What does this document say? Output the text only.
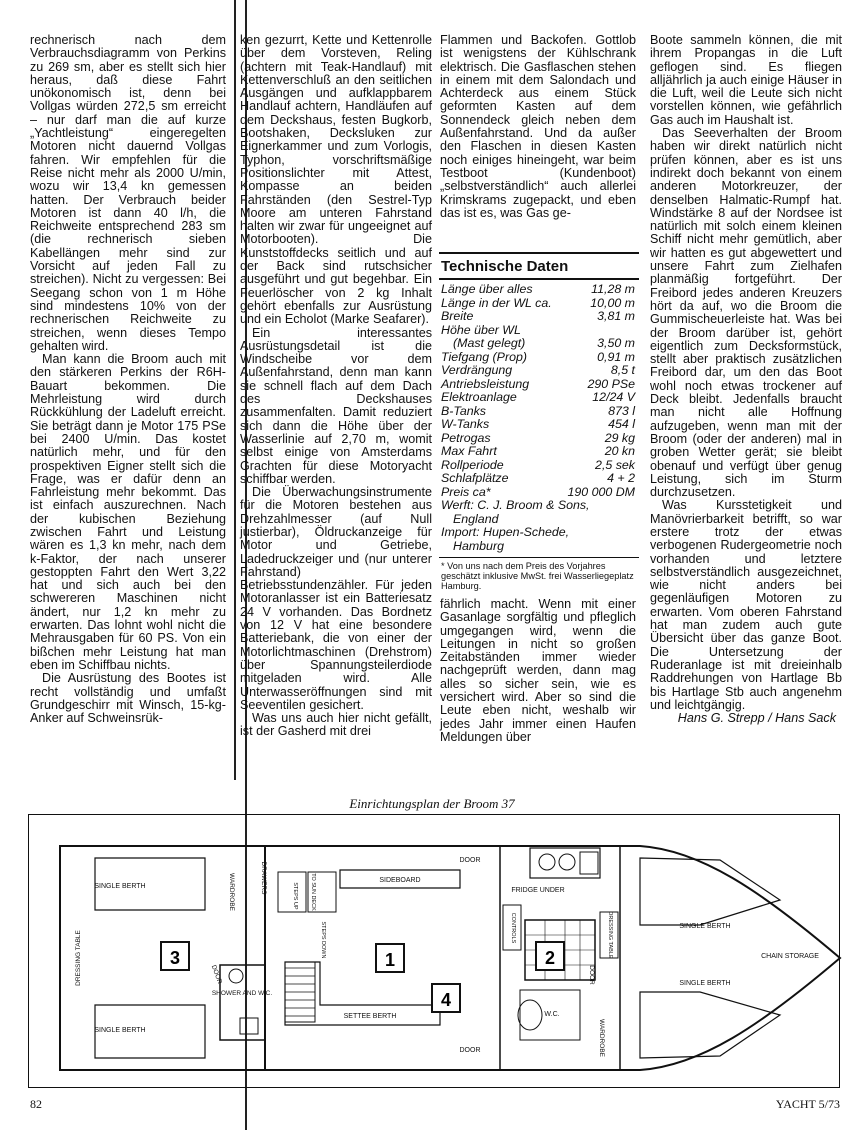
rechnerisch nach dem Verbrauchsdiagramm von Perkins zu 269 sm, aber es stellt sich hier heraus, daß diese Fahrt unökonomisch ist, denn bei Vollgas würden 272,5 sm erreicht – nur darf man die auf kurze „Yachtleistung“ eingeregelten Motoren nicht dauernd Vollgas fahren. Wir empfehlen für die Reise nicht mehr als 2000 U/min, wozu wir 13,4 kn gemessen hatten. Der Verbrauch beider Motoren ist dann 40 l/h, die Reichweite entsprechend 283 sm (die rechnerisch sieben Kabellängen mehr sind zur Vorsicht auf jeden Fall zu streichen). Nicht zu vergessen: Bei Seegang schon von 1 m Höhe sind mindestens 10% von der rechnerischen Reichweite zu streichen, wenn dieses Tempo gehalten wird.

Man kann die Broom auch mit den stärkeren Perkins der R6H-Bauart bekommen. Die Mehrleistung wird durch Rückkühlung der Ladeluft erreicht. Sie beträgt dann je Motor 175 PSe bei 2400 U/min. Das kostet natürlich mehr, und für den prospektiven Eigner stellt sich die Frage, was er dafür denn an Fahrleistung mehr bekommt. Das ist einfach auszurechnen. Nach der kubischen Beziehung zwischen Fahrt und Leistung wären es 1,3 kn mehr, nach dem k-Faktor, der nach unserer gestoppten Fahrt den Wert 3,22 hat und sich auch bei den schwereren Maschinen nicht ändert, nur 1,2 kn mehr zu erwarten. Das lohnt wohl nicht die Mehrausgaben für 60 PS. Von ein bißchen mehr Leistung hat man eben im Schiffbau nichts.

Die Ausrüstung des Bootes ist recht vollständig und umfaßt Grundgeschirr mit Winsch, 15-kg-Anker auf Schweinsrük-

ken gezurrt, Kette und Kettenrolle über dem Vorsteven, Reling (achtern mit Teak-Handlauf) mit Kettenverschluß an den seitlichen Ausgängen und aufklappbarem Handlauf achtern, Handläufen auf dem Deckshaus, festen Bugkorb, Bootshaken, Decksluken zur Eignerkammer und zum Vorlogis, Typhon, vorschriftsmäßige Positionslichter mit Attest, Kompasse an beiden Fahrständen (den Sestrel-Typ Moore am unteren Fahrstand halten wir zwar für ungeeignet auf Motorbooten). Die Kunststoffdecks seitlich und auf der Back sind rutschsicher ausgeführt und gut begehbar. Ein Feuerlöscher von 2 kg Inhalt gehört ebenfalls zur Ausrüstung und ein Echolot (Marke Seafarer).

Ein interessantes Ausrüstungsdetail ist die Windscheibe vor dem Außenfahrstand, denn man kann sie schnell flach auf dem Dach des Deckshauses zusammenfalten. Damit reduziert sich dann die Höhe über der Wasserlinie auf 2,70 m, womit selbst einige von Amsterdams Grachten für diese Motoryacht schiffbar werden.

Die Überwachungsinstrumente für die Motoren bestehen aus Drehzahlmesser (auf Null justierbar), Öldruckanzeige für Motor und Getriebe, Ladedruckzeiger und (nur unterer Fahrstand) Betriebsstundenzähler. Für jeden Motoranlasser ist ein Batteriesatz 24 V vorhanden. Das Bordnetz von 12 V hat eine besondere Batteriebank, die von einer der Motorlichtmaschinen (Drehstrom) über Spannungsteilerdiode mitgeladen wird. Alle Unterwasseröffnungen sind mit Seeventilen gesichert.

Was uns auch hier nicht gefällt, ist der Gasherd mit drei

Flammen und Backofen. Gottlob ist wenigstens der Kühlschrank elektrisch. Die Gasflaschen stehen in einem mit dem Salondach und Achterdeck aus einem Stück geformten Kasten auf dem Sonnendeck gleich neben dem Außenfahrstand. Und da außer den Flaschen in diesen Kasten noch einiges hineingeht, war beim Testboot (Kundenboot) „selbstverständlich“ auch allerlei Krimskrams zugepackt, und eben das ist es, was Gas ge-

Technische Daten
Länge über alles	11,28 m
Länge in der WL ca.	10,00 m
Breite	3,81 m
Höhe über WL
(Mast gelegt)	3,50 m
Tiefgang (Prop)	0,91 m
Verdrängung	8,5 t
Antriebsleistung	290 PSe
Elektroanlage	12/24 V
B-Tanks	873 l
W-Tanks	454 l
Petrogas	29 kg
Max Fahrt	20 kn
Rollperiode	2,5 sek
Schlafplätze	4 + 2
Preis ca*	190 000 DM
Werft: C. J. Broom & Sons,
England
Import: Hupen-Schede,
Hamburg
* Von uns nach dem Preis des Vorjahres geschätzt inklusive MwSt. frei Wasserliegeplatz Hamburg.

fährlich macht. Wenn mit einer Gasanlage sorgfältig und pfleglich umgegangen wird, wenn die Leitungen in nicht so großen Zeitabständen immer wieder nachgeprüft werden, dann mag alles so sicher sein, wie es versichert wird. Aber so sind die Leute eben nicht, weshalb wir jedes Jahr immer einen Haufen Meldungen über

Boote sammeln können, die mit ihrem Propangas in die Luft geflogen sind. Es fliegen alljährlich ja auch einige Häuser in die Luft, weil die Leute sich nicht vorstellen können, wie gefährlich Gas auch im Haushalt ist.

Das Seeverhalten der Broom haben wir direkt natürlich nicht prüfen können, aber es ist uns indirekt doch bekannt von einem anderen Motorkreuzer, der denselben Halmatic-Rumpf hat. Windstärke 8 auf der Nordsee ist natürlich mit solch einem kleinen Schiff nicht mehr gemütlich, aber wir hatten es gut abgewettert und unsere Fahrt zum Zielhafen planmäßig fortgeführt. Der Freibord jedes anderen Kreuzers hört da auf, wo die Broom die Gummischeuerleiste hat. Was bei der Broom darüber ist, gehört eigentlich zum Decksformstück, stellt aber praktisch zusätzlichen Freibord dar, um den das Boot wohl noch etwas trockener auf Deck bleibt. Jedenfalls braucht man nicht alle Hoffnung aufzugeben, wenn man mit der Broom (oder der anderen) mal in groben Wetter gerät; sie bleibt obenauf und verfügt über genug Leistung, sich im Sturm durchzusetzen.

Was Kursstetigkeit und Manövrierbarkeit betrifft, so war erstere trotz der etwas verbogenen Rudergeometrie noch vorhanden und letztere selbstverständlich ausgezeichnet, wie nicht anders bei gegenläufigen Motoren zu erwarten. Vom oberen Fahrstand hat man zudem auch gute Übersicht über das ganze Boot. Die Untersetzung der Ruderanlage ist mit dreieinhalb Raddrehungen von Hartlage Bb bis Hartlage Stb auch angenehm und leichtgängig.

Hans G. Strepp / Hans Sack
Einrichtungsplan der Broom 37
SINGLE BERTH
SINGLE BERTH
DRESSING TABLE
WARDROBE
DOOR
SHOWER AND W.C.
DRAWERS	TO SUN DECK
STEPS UP
STEPS DOWN
SIDEBOARD
SETTEE BERTH
DOOR
DOOR
FRIDGE UNDER
CONTROLS	DRESSING TABLE
DOOR
W.C.
WARDROBE
SINGLE BERTH
SINGLE BERTH
CHAIN STORAGE
1	2
3
4
82	YACHT 5/73
